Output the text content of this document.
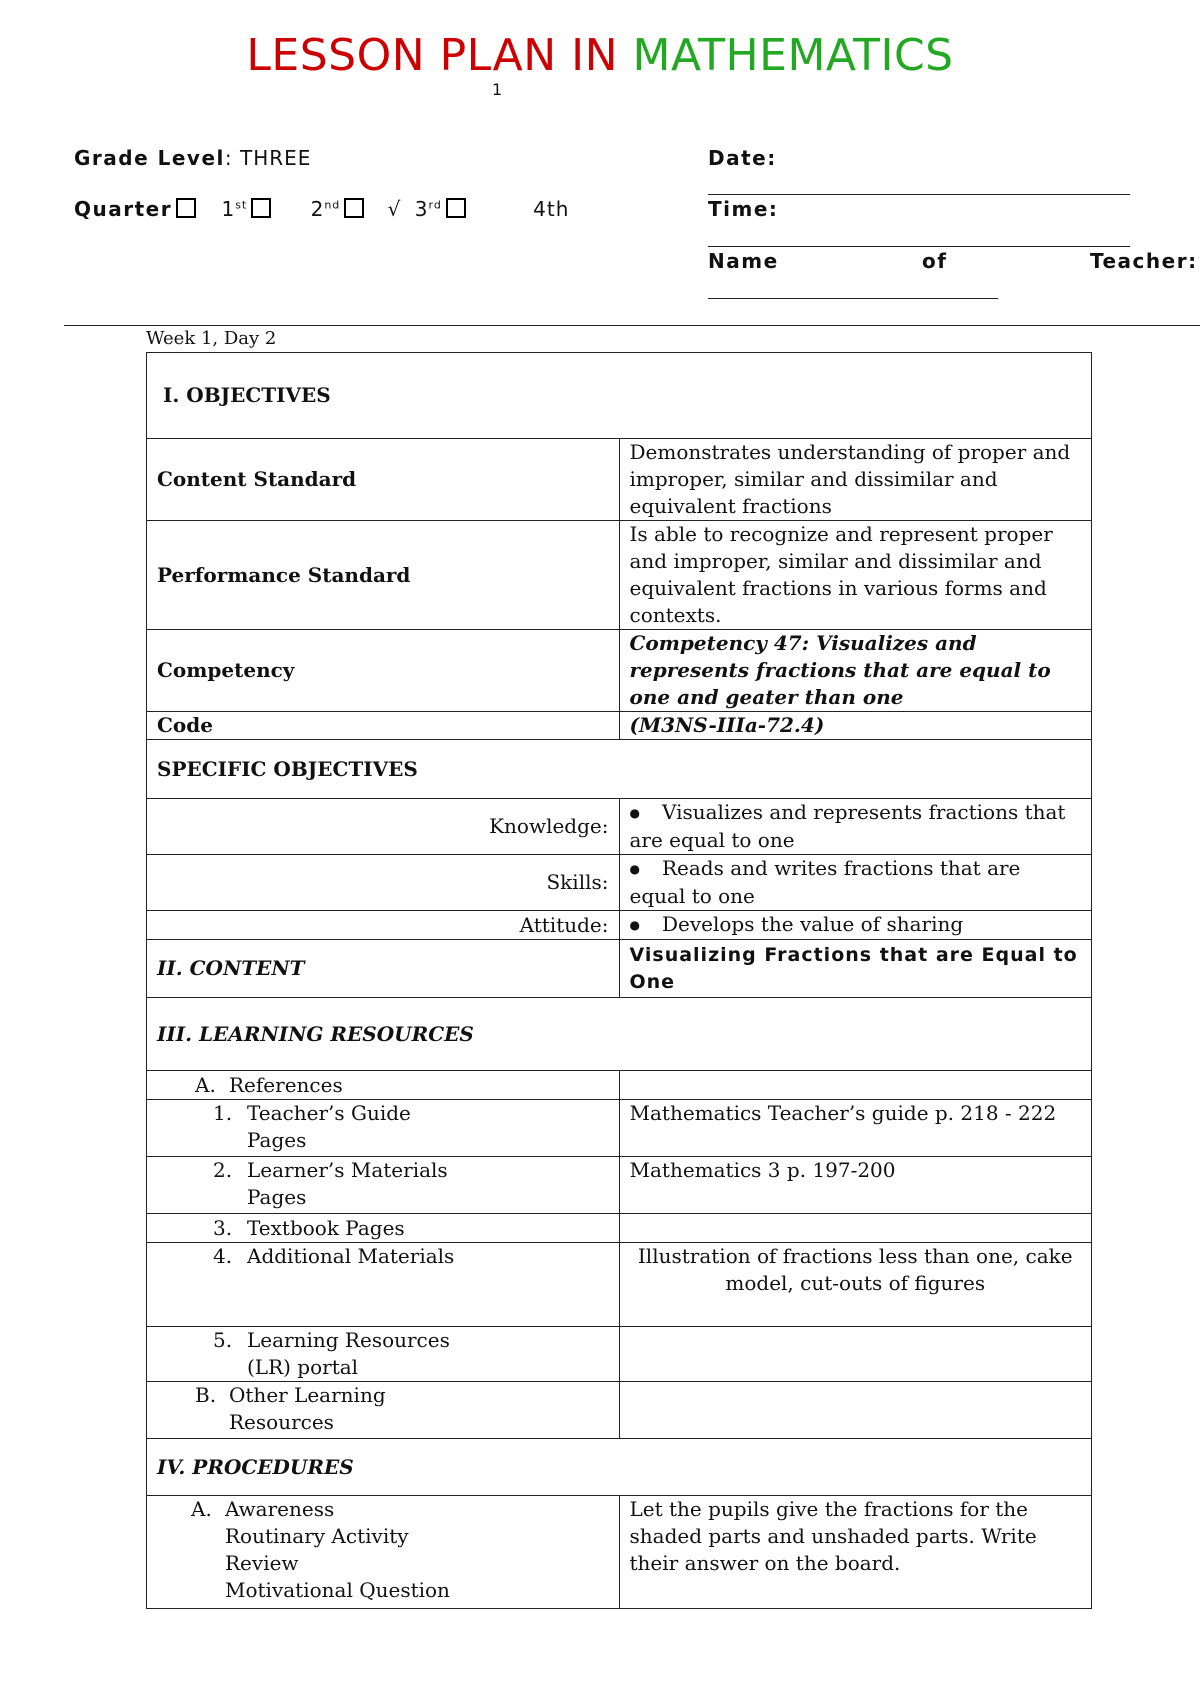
LESSON PLAN IN MATHEMATICS
1
Grade Level: THREE
Quarter 1st	2nd √ 3rd	4th
Date:
Time:
Name	of	Teacher:
Week 1, Day 2
I. OBJECTIVES	
Content Standard	Demonstrates understanding of proper and improper, similar and dissimilar and equivalent fractions
Performance Standard	Is able to recognize and represent proper and improper, similar and dissimilar and equivalent fractions in various forms and contexts.
Competency	Competency 47: Visualizes and represents fractions that are equal to one and geater than one
Code	(M3NS-IIIa-72.4)
SPECIFIC OBJECTIVES	
Knowledge:	● Visualizes and represents fractions that are equal to one
Skills:	● Reads and writes fractions that are equal to one
Attitude:	● Develops the value of sharing
II. CONTENT	Visualizing Fractions that are Equal to One
III. LEARNING RESOURCES	
A. References	
1. Teacher’s Guide
Pages	Mathematics Teacher’s guide p. 218 - 222
2. Learner’s Materials
Pages	Mathematics 3 p. 197-200
3. Textbook Pages	
4. Additional Materials	Illustration of fractions less than one, cake model, cut-outs of figures
5. Learning Resources
(LR) portal	
B. Other Learning
Resources	
IV. PROCEDURES	
A. Awareness
Routinary Activity
Review
Motivational Question	Let the pupils give the fractions for the shaded parts and unshaded parts. Write their answer on the board.
